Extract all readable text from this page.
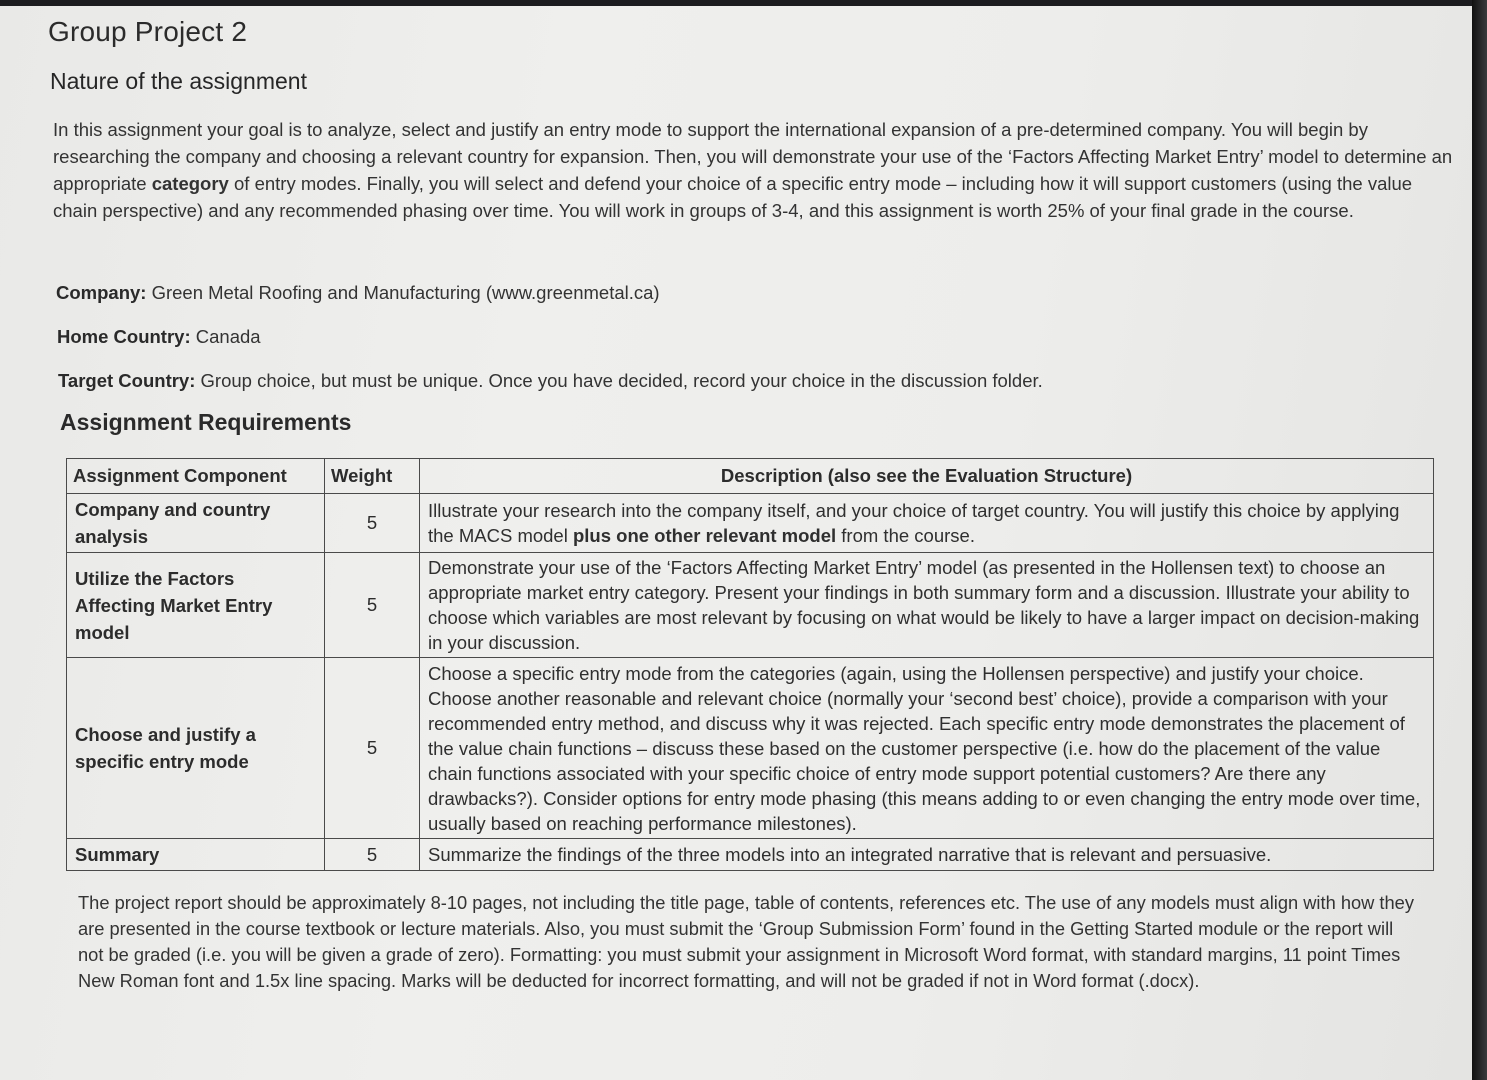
Group Project 2
Nature of the assignment

In this assignment your goal is to analyze, select and justify an entry mode to support the international expansion of a pre-determined company. You will begin by researching the company and choosing a relevant country for expansion. Then, you will demonstrate your use of the ‘Factors Affecting Market Entry’ model to determine an appropriate category of entry modes. Finally, you will select and defend your choice of a specific entry mode – including how it will support customers (using the value chain perspective) and any recommended phasing over time. You will work in groups of 3-4, and this assignment is worth 25% of your final grade in the course.

Company: Green Metal Roofing and Manufacturing (www.greenmetal.ca)

Home Country: Canada

Target Country: Group choice, but must be unique. Once you have decided, record your choice in the discussion folder.

Assignment Requirements
Assignment Component	Weight	Description (also see the Evaluation Structure)
Company and country analysis	5	Illustrate your research into the company itself, and your choice of target country. You will justify this choice by applying the MACS model plus one other relevant model from the course.
Utilize the Factors Affecting Market Entry model	5	Demonstrate your use of the ‘Factors Affecting Market Entry’ model (as presented in the Hollensen text) to choose an appropriate market entry category. Present your findings in both summary form and a discussion. Illustrate your ability to choose which variables are most relevant by focusing on what would be likely to have a larger impact on decision-making in your discussion.
Choose and justify a specific entry mode	5	Choose a specific entry mode from the categories (again, using the Hollensen perspective) and justify your choice. Choose another reasonable and relevant choice (normally your ‘second best’ choice), provide a comparison with your recommended entry method, and discuss why it was rejected. Each specific entry mode demonstrates the placement of the value chain functions – discuss these based on the customer perspective (i.e. how do the placement of the value chain functions associated with your specific choice of entry mode support potential customers? Are there any drawbacks?). Consider options for entry mode phasing (this means adding to or even changing the entry mode over time, usually based on reaching performance milestones).
Summary	5	Summarize the findings of the three models into an integrated narrative that is relevant and persuasive.

The project report should be approximately 8-10 pages, not including the title page, table of contents, references etc. The use of any models must align with how they are presented in the course textbook or lecture materials. Also, you must submit the ‘Group Submission Form’ found in the Getting Started module or the report will not be graded (i.e. you will be given a grade of zero). Formatting: you must submit your assignment in Microsoft Word format, with standard margins, 11 point Times New Roman font and 1.5x line spacing. Marks will be deducted for incorrect formatting, and will not be graded if not in Word format (.docx).
